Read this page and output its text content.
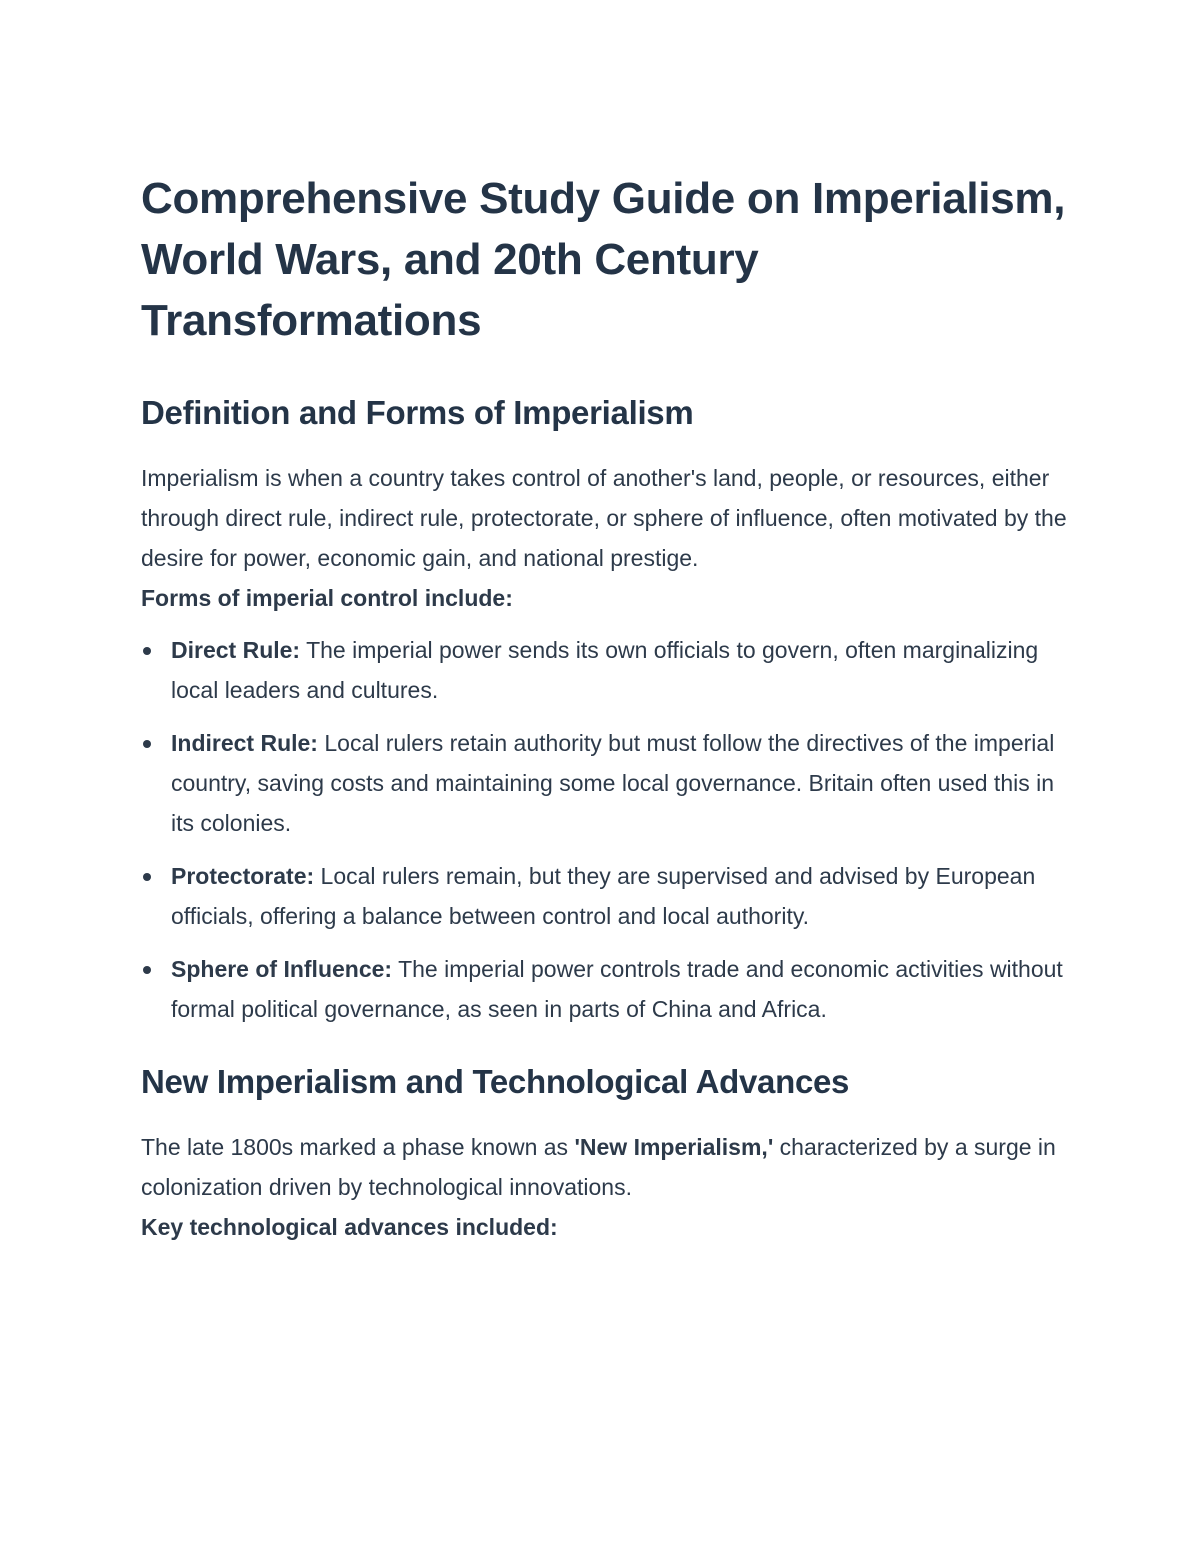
Comprehensive Study Guide on Imperialism, World Wars, and 20th Century Transformations
Definition and Forms of Imperialism

Imperialism is when a country takes control of another's land, people, or resources, either through direct rule, indirect rule, protectorate, or sphere of influence, often motivated by the desire for power, economic gain, and national prestige.

Forms of imperial control include:

Direct Rule: The imperial power sends its own officials to govern, often marginalizing local leaders and cultures.
Indirect Rule: Local rulers retain authority but must follow the directives of the imperial country, saving costs and maintaining some local governance. Britain often used this in its colonies.
Protectorate: Local rulers remain, but they are supervised and advised by European officials, offering a balance between control and local authority.
Sphere of Influence: The imperial power controls trade and economic activities without formal political governance, as seen in parts of China and Africa.
New Imperialism and Technological Advances

The late 1800s marked a phase known as 'New Imperialism,' characterized by a surge in colonization driven by technological innovations.

Key technological advances included:
